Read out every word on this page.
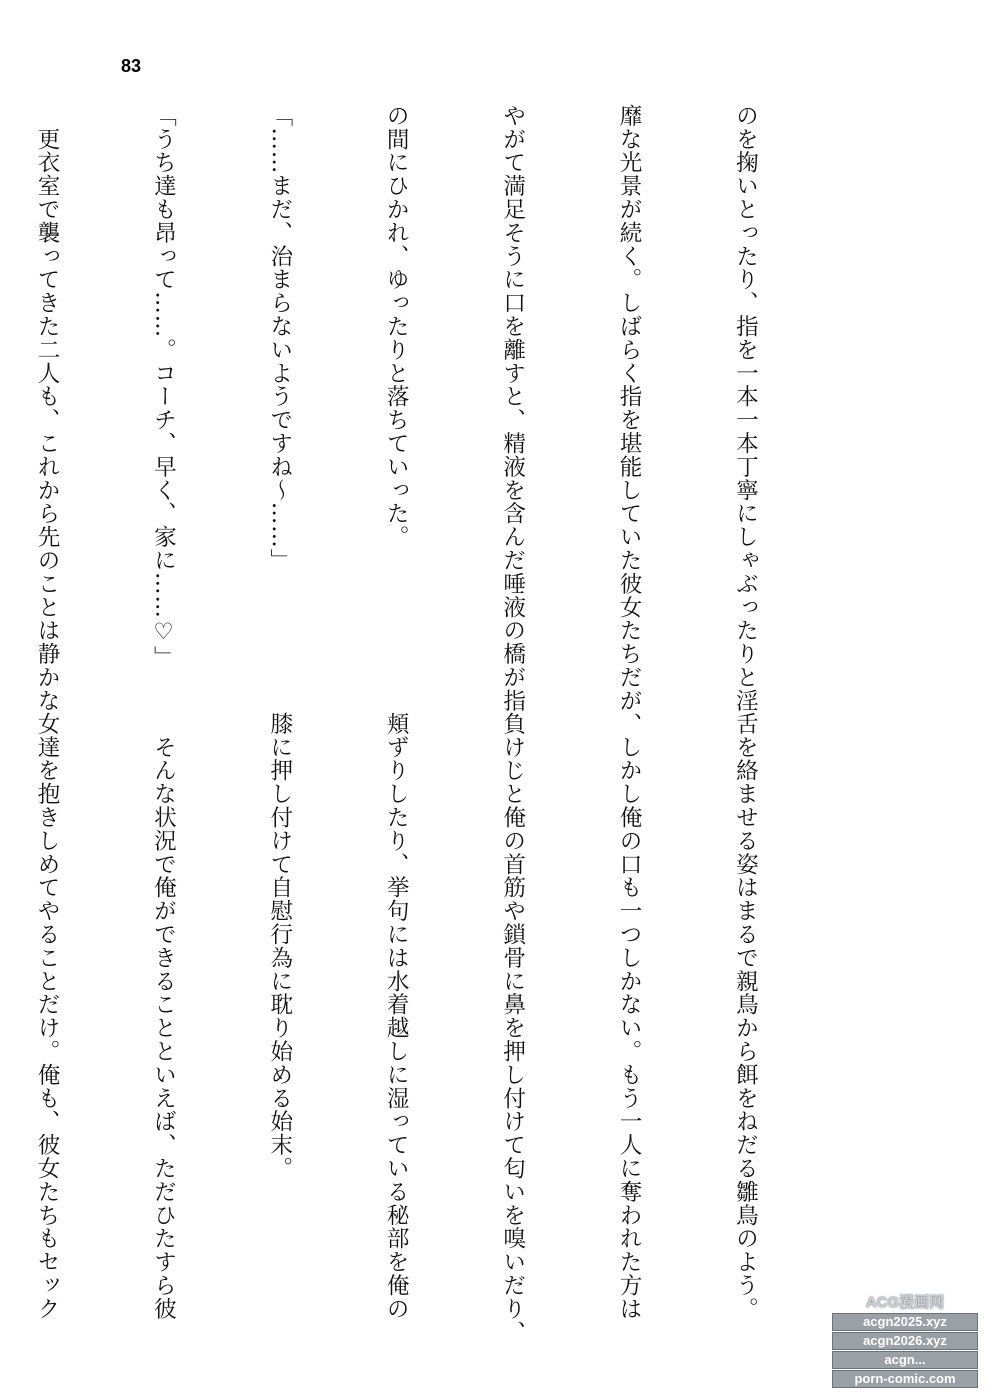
83

のを掬いとったり、指を一本一本丁寧にしゃぶったりと淫

靡な光景が続く。しばらく指を堪能していた彼女たちだが、

やがて満足そうに口を離すと、精液を含んだ唾液の橋が指

の間にひかれ、ゆったりと落ちていった。

「……まだ、治まらないようですね～……」

「うち達も昂って……。コーチ、早く、家に……♡」

　更衣室で襲ってきた二人も、これから先のことは静かな

舌を絡ませる姿はまるで親鳥から餌をねだる雛鳥のよう。

　しかし俺の口も一つしかない。もう一人に奪われた方は

負けじと俺の首筋や鎖骨に鼻を押し付けて匂いを嗅いだり、

頬ずりしたり、挙句には水着越しに湿っている秘部を俺の

膝に押し付けて自慰行為に耽り始める始末。

　そんな状況で俺ができることといえば、ただひたすら彼

女達を抱きしめてやることだけ。俺も、彼女たちもセック

	ACG漫画网
acgn2025.xyz
acgn2026.xyz
acgn...
porn-comic.com
